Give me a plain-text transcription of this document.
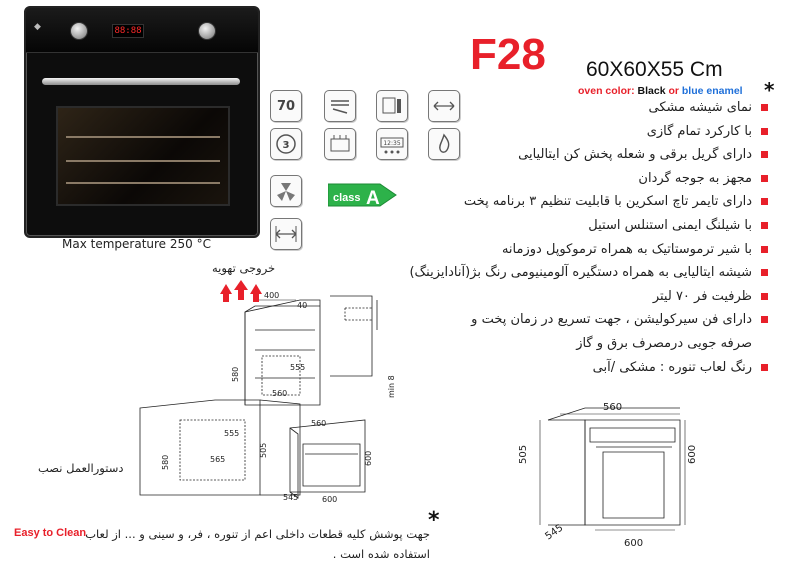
◆	88:88
Max temperature 250 °C
70
3	12:35
class A
F28 60X60X55 Cm
*
oven color: Black or blue enamel
نمای شیشه مشکی
با کارکرد تمام گازی
دارای گریل برقی و شعله پخش کن ایتالیایی
مجهز به جوجه گردان
دارای تایمر تاچ اسکرین با قابلیت تنظیم ۳ برنامه پخت
با شیلنگ ایمنی استنلس استیل
با شیر ترموستاتیک به همراه ترموکوپل دوزمانه
شیشه ایتالیایی به همراه دستگیره آلومینیومی رنگ بژ(آنادایزینگ)
ظرفیت فر ۷۰ لیتر
دارای فن سیرکولیشن ، جهت تسریع در زمان پخت و
صرفه جویی درمصرف برق و گاز
رنگ لعاب تنوره : مشکی /آبی
400
40
555
580
560
580	565
555
505
600
545	600
min 8
560
505
560
600
545
600
خروجی تهویه
دستورالعمل نصب
*
جهت پوشش کلیه قطعات داخلی اعم از تنوره ، فر، و سینی و ... از لعاب
استفاده شده است .
Easy to Clean
